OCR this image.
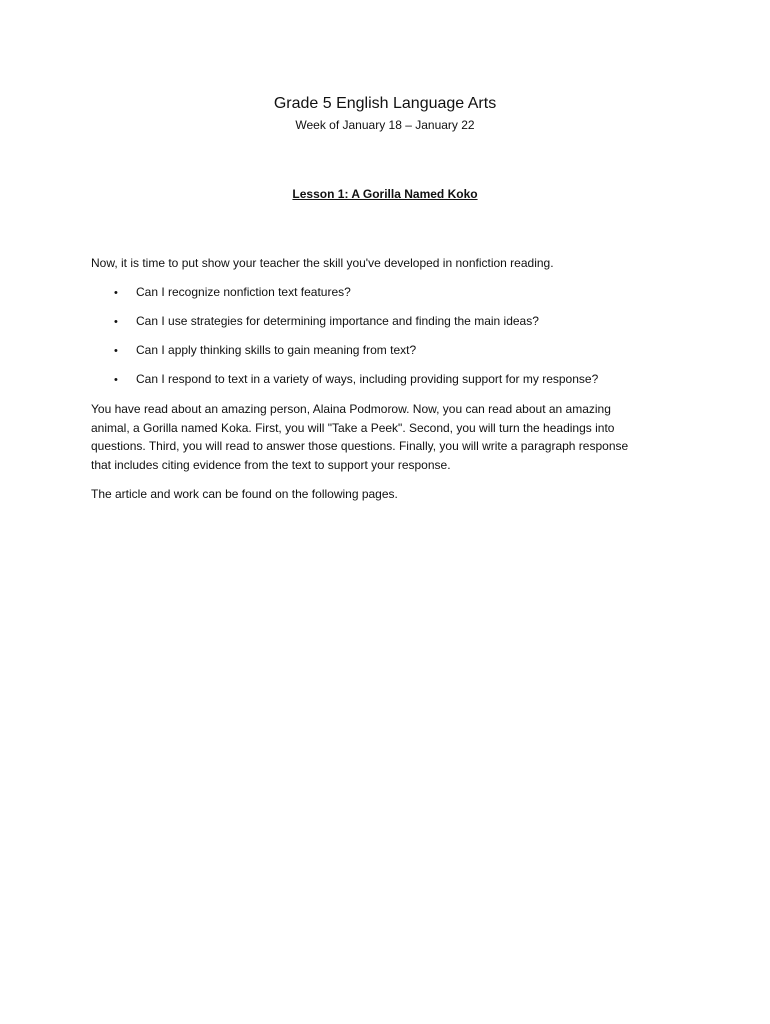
Grade 5 English Language Arts
Week of January 18 – January 22
Lesson 1: A Gorilla Named Koko
Now, it is time to put show your teacher the skill you've developed in nonfiction reading.
• Can I recognize nonfiction text features?
• Can I use strategies for determining importance and finding the main ideas?
• Can I apply thinking skills to gain meaning from text?
• Can I respond to text in a variety of ways, including providing support for my response?

You have read about an amazing person, Alaina Podmorow. Now, you can read about an amazing
animal, a Gorilla named Koka. First, you will "Take a Peek". Second, you will turn the headings into
questions. Third, you will read to answer those questions. Finally, you will write a paragraph response
that includes citing evidence from the text to support your response.

The article and work can be found on the following pages.
